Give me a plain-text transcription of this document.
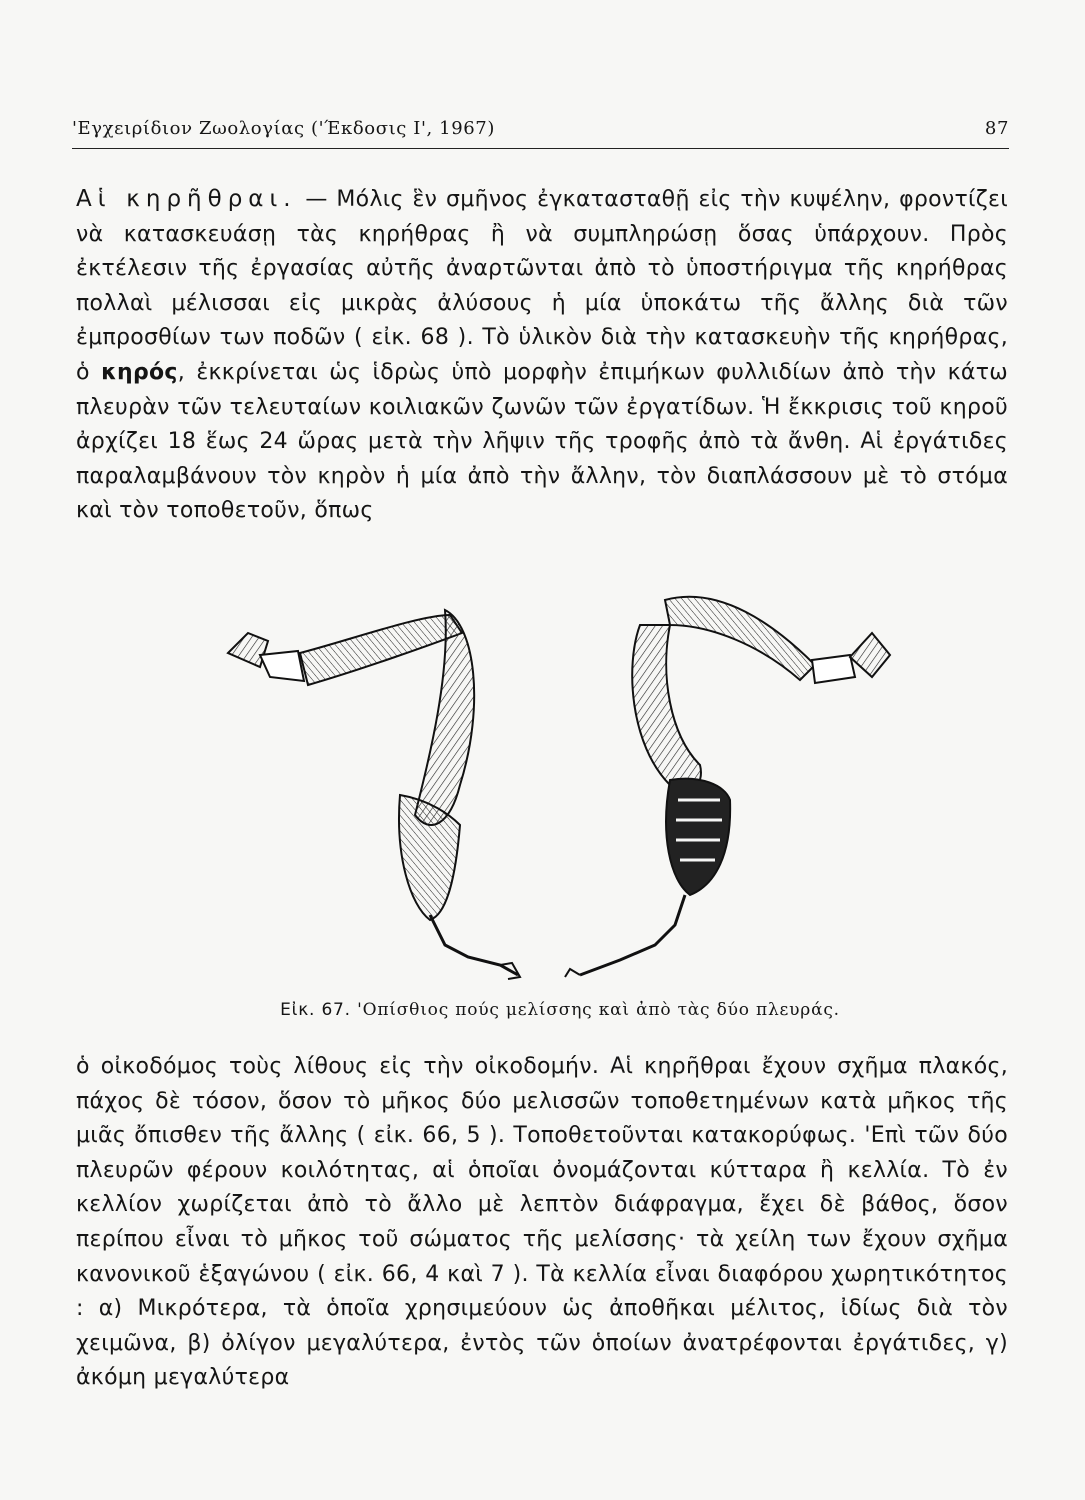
'Εγχειρίδιον Ζωολογίας ('Έκδοσις Ι', 1967)	87
Αἱ κηρῆθραι. — Μόλις ἓν σμῆνος ἐγκατασταθῇ εἰς τὴν κυψέλην, φροντίζει νὰ κατασκευάσῃ τὰς κηρήθρας ἢ νὰ συμπληρώσῃ ὅσας ὑπάρχουν. Πρὸς ἐκτέλεσιν τῆς ἐργασίας αὐτῆς ἀναρτῶνται ἀπὸ τὸ ὑποστήριγμα τῆς κηρήθρας πολλαὶ μέλισσαι εἰς μικρὰς ἀλύσους ἡ μία ὑποκάτω τῆς ἄλλης διὰ τῶν ἐμπροσθίων των ποδῶν ( εἰκ. 68 ). Τὸ ὑλικὸν διὰ τὴν κατασκευὴν τῆς κηρήθρας, ὁ κηρός, ἐκκρίνεται ὡς ἱδρὼς ὑπὸ μορφὴν ἐπιμήκων φυλλιδίων ἀπὸ τὴν κάτω πλευρὰν τῶν τελευταίων κοιλιακῶν ζωνῶν τῶν ἐργατίδων. Ἡ ἔκκρισις τοῦ κηροῦ ἀρχίζει 18 ἕως 24 ὥρας μετὰ τὴν λῆψιν τῆς τροφῆς ἀπὸ τὰ ἄνθη. Αἱ ἐργάτιδες παραλαμβάνουν τὸν κηρὸν ἡ μία ἀπὸ τὴν ἄλλην, τὸν διαπλάσσουν μὲ τὸ στόμα καὶ τὸν τοποθετοῦν, ὅπως
Εἰκ. 67. 'Οπίσθιος πούς μελίσσης καὶ ἀπὸ τὰς δύο πλευράς.
ὁ οἰκοδόμος τοὺς λίθους εἰς τὴν οἰκοδομήν. Αἱ κηρῆθραι ἔχουν σχῆμα πλακός, πάχος δὲ τόσον, ὅσον τὸ μῆκος δύο μελισσῶν τοποθετημένων κατὰ μῆκος τῆς μιᾶς ὄπισθεν τῆς ἄλλης ( εἰκ. 66, 5 ). Τοποθετοῦνται κατακορύφως. 'Επὶ τῶν δύο πλευρῶν φέρουν κοιλότητας, αἱ ὁποῖαι ὀνομάζονται κύτταρα ἢ κελλία. Τὸ ἐν κελλίον χωρίζεται ἀπὸ τὸ ἄλλο μὲ λεπτὸν διάφραγμα, ἔχει δὲ βάθος, ὅσον περίπου εἶναι τὸ μῆκος τοῦ σώματος τῆς μελίσσης· τὰ χείλη των ἔχουν σχῆμα κανονικοῦ ἑξαγώνου ( εἰκ. 66, 4 καὶ 7 ). Τὰ κελλία εἶναι διαφόρου χωρητικότητος : α) Μικρότερα, τὰ ὁποῖα χρησιμεύουν ὡς ἀποθῆκαι μέλιτος, ἰδίως διὰ τὸν χειμῶνα, β) ὀλίγον μεγαλύτερα, ἐντὸς τῶν ὁποίων ἀνατρέφονται ἐργάτιδες, γ) ἀκόμη μεγαλύτερα
